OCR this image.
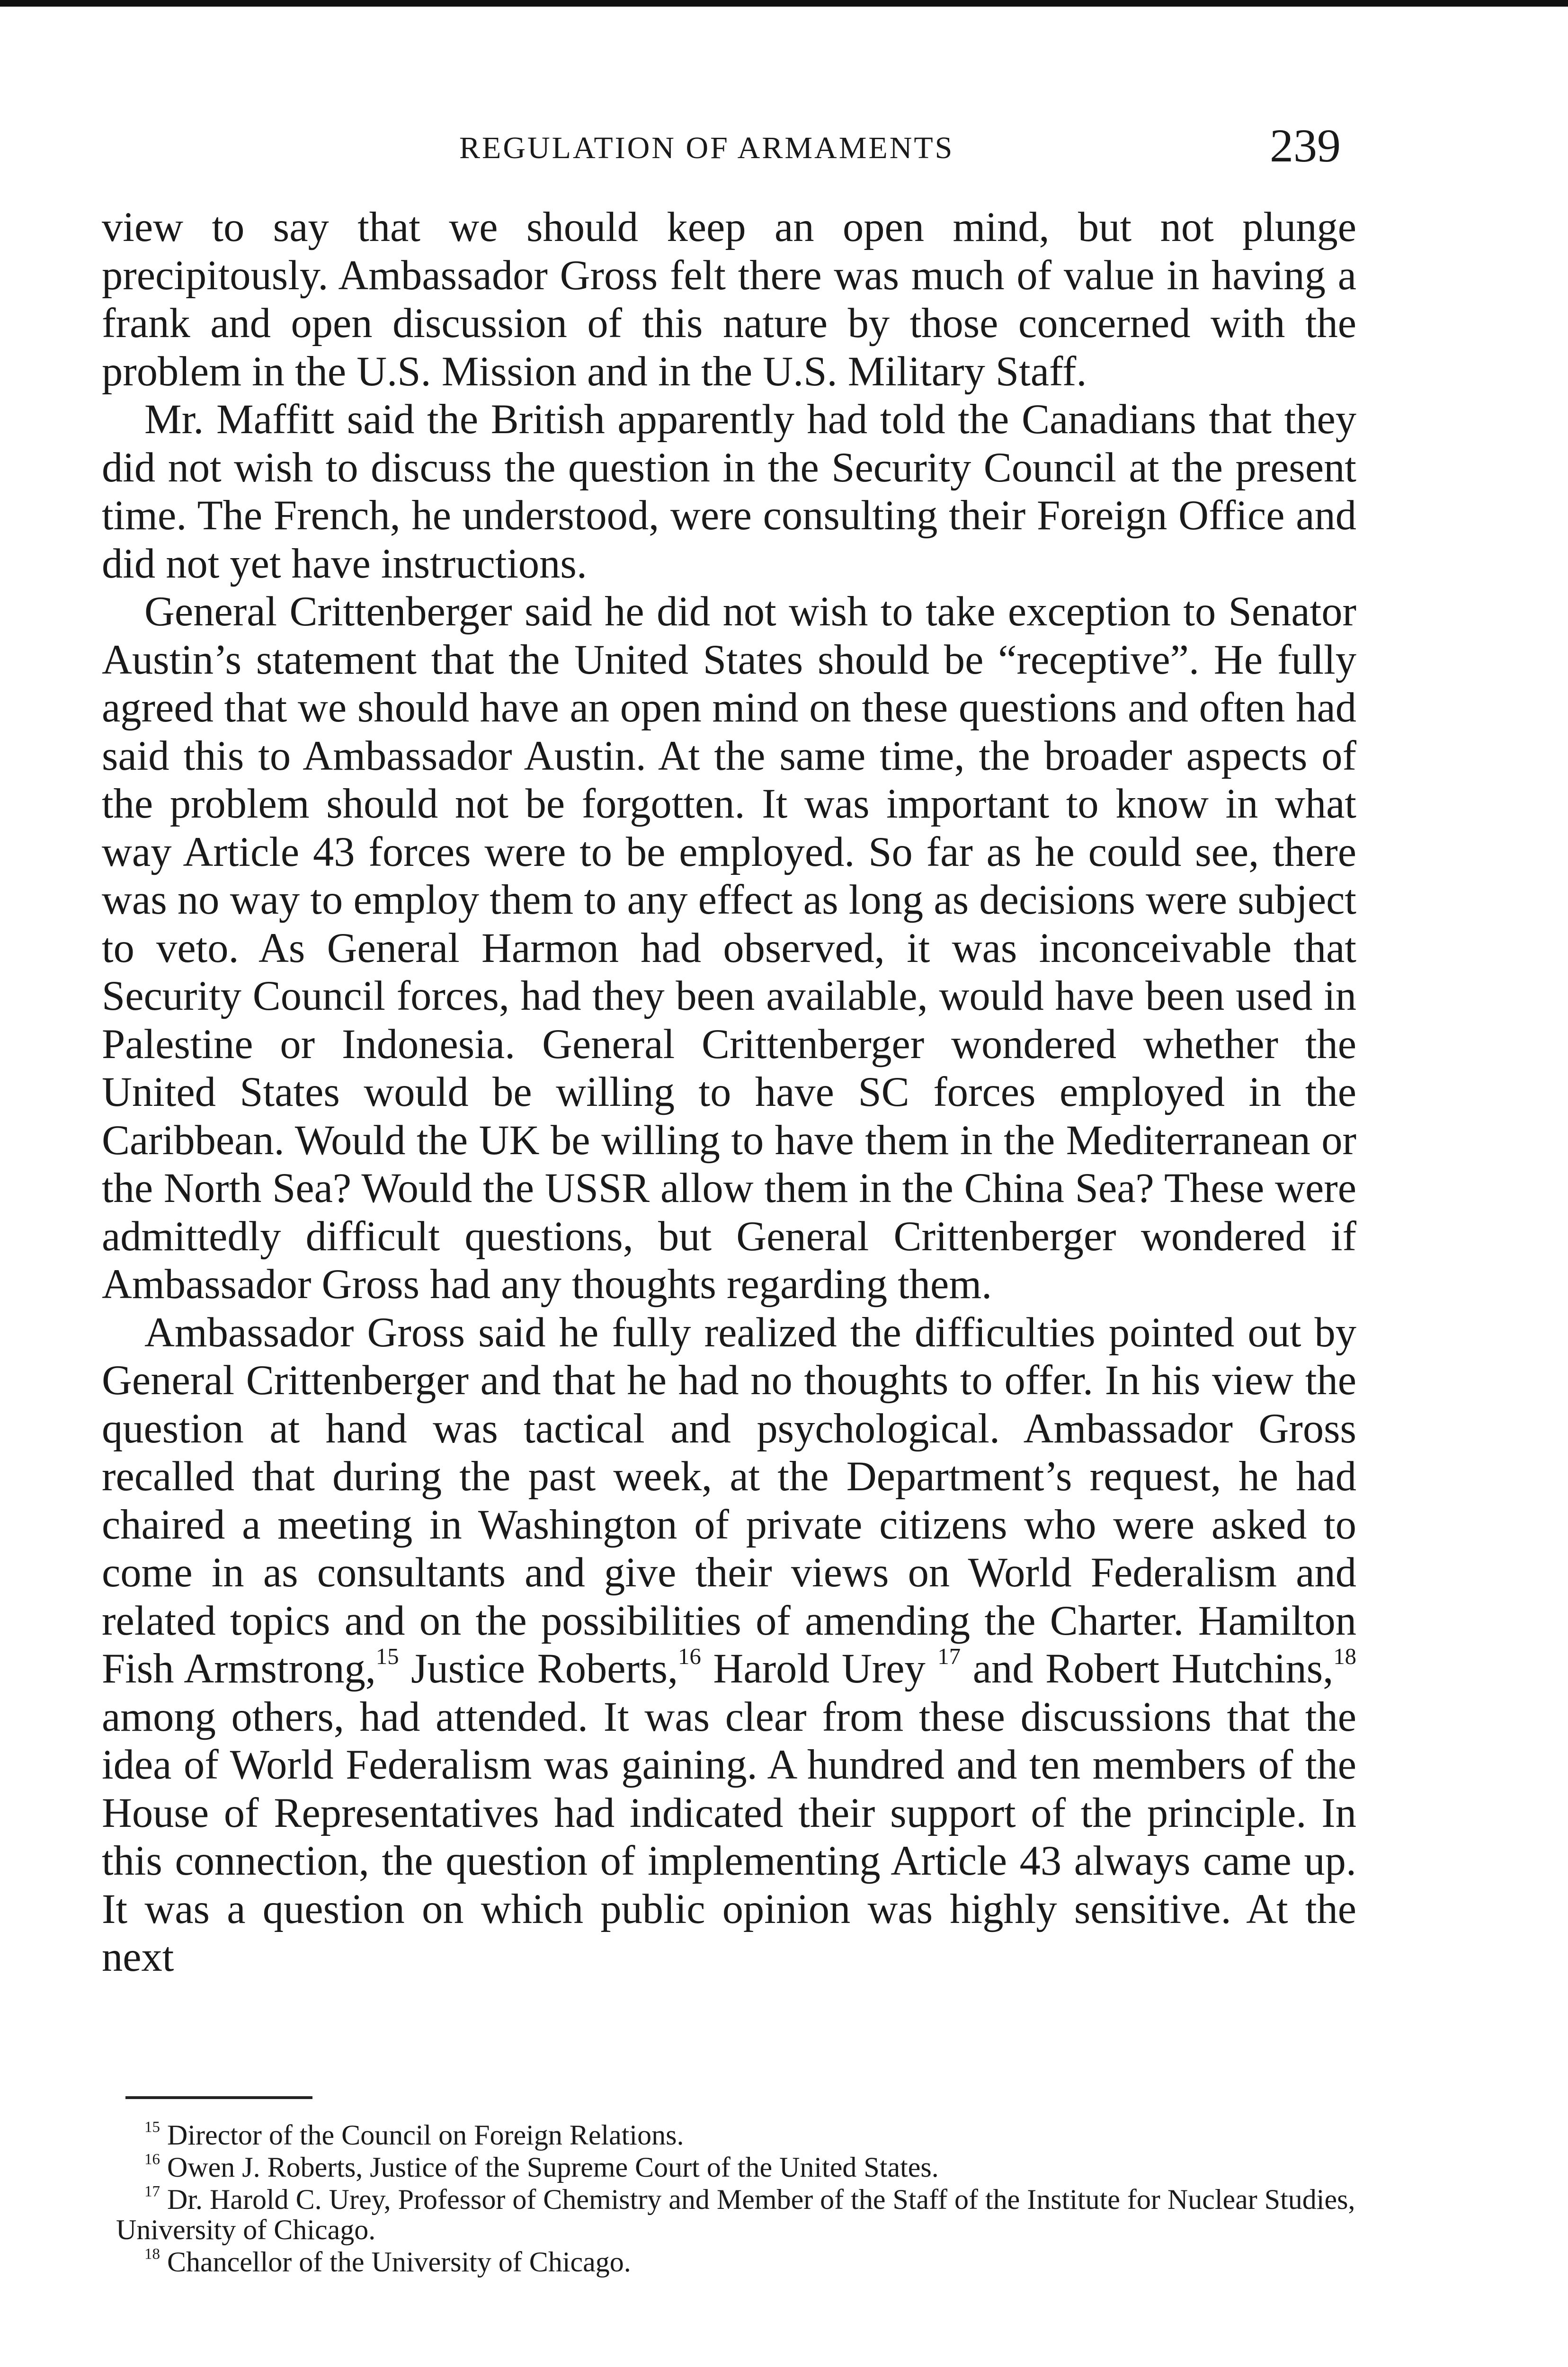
REGULATION OF ARMAMENTS	239

view to say that we should keep an open mind, but not plunge precipitously. Ambassador Gross felt there was much of value in having a frank and open discussion of this nature by those concerned with the problem in the U.S. Mission and in the U.S. Military Staff.

Mr. Maffitt said the British apparently had told the Canadians that they did not wish to discuss the question in the Security Council at the present time. The French, he understood, were consulting their Foreign Office and did not yet have instructions.

General Crittenberger said he did not wish to take exception to Senator Austin’s statement that the United States should be “receptive”. He fully agreed that we should have an open mind on these questions and often had said this to Ambassador Austin. At the same time, the broader aspects of the problem should not be forgotten. It was important to know in what way Article 43 forces were to be employed. So far as he could see, there was no way to employ them to any effect as long as decisions were subject to veto. As General Harmon had observed, it was inconceivable that Security Council forces, had they been available, would have been used in Palestine or Indonesia. General Crittenberger wondered whether the United States would be willing to have SC forces employed in the Caribbean. Would the UK be willing to have them in the Mediterranean or the North Sea? Would the USSR allow them in the China Sea? These were admittedly difficult questions, but General Crittenberger wondered if Ambassador Gross had any thoughts regarding them.

Ambassador Gross said he fully realized the difficulties pointed out by General Crittenberger and that he had no thoughts to offer. In his view the question at hand was tactical and psychological. Ambassador Gross recalled that during the past week, at the Department’s request, he had chaired a meeting in Washington of private citizens who were asked to come in as consultants and give their views on World Federalism and related topics and on the possibilities of amending the Charter. Hamilton Fish Armstrong,$^{15}$ Justice Roberts,$^{16}$ Harold Urey $^{17}$ and Robert Hutchins,$^{18}$ among others, had attended. It was clear from these discussions that the idea of World Federalism was gaining. A hundred and ten members of the House of Representatives had indicated their support of the principle. In this connection, the question of implementing Article 43 always came up. It was a question on which public opinion was highly sensitive. At the next

$^{15}$ Director of the Council on Foreign Relations.

$^{16}$ Owen J. Roberts, Justice of the Supreme Court of the United States.

$^{17}$ Dr. Harold C. Urey, Professor of Chemistry and Member of the Staff of the Institute for Nuclear Studies, University of Chicago.

$^{18}$ Chancellor of the University of Chicago.
